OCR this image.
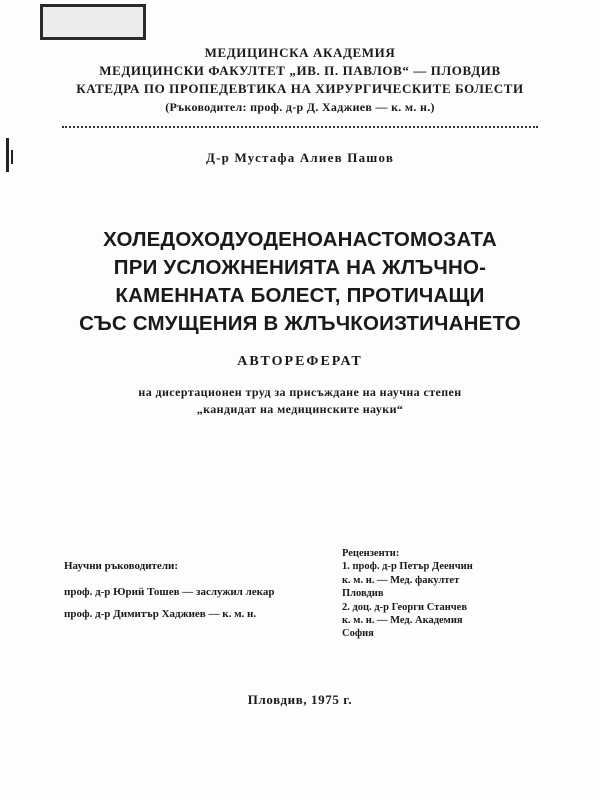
МЕДИЦИНСКА АКАДЕМИЯ
МЕДИЦИНСКИ ФАКУЛТЕТ „ИВ. П. ПАВЛОВ“ — ПЛОВДИВ
КАТЕДРА ПО ПРОПЕДЕВТИКА НА ХИРУРГИЧЕСКИТЕ БОЛЕСТИ
(Ръководител: проф. д-р Д. Хаджиев — к. м. н.)
Д-р Мустафа Алиев Пашов
ХОЛЕДОХОДУОДЕНОАНАСТОМОЗАТА
ПРИ УСЛОЖНЕНИЯТА НА ЖЛЪЧНО-
КАМЕННАТА БОЛЕСТ, ПРОТИЧАЩИ
СЪС СМУЩЕНИЯ В ЖЛЪЧКОИЗТИЧАНЕТО
АВТОРЕФЕРАТ
на дисертационен труд за присъждане на научна степен
„кандидат на медицинските науки“
Научни ръководители:
проф. д-р Юрий Тошев — заслужил лекар
проф. д-р Димитър Хаджиев — к. м. н.
Рецензенти:
1. проф. д-р Петър Деенчин
к. м. н. — Мед. факултет
Пловдив
2. доц. д-р Георги Станчев
к. м. н. — Мед. Академия
София
Пловдив, 1975 г.
